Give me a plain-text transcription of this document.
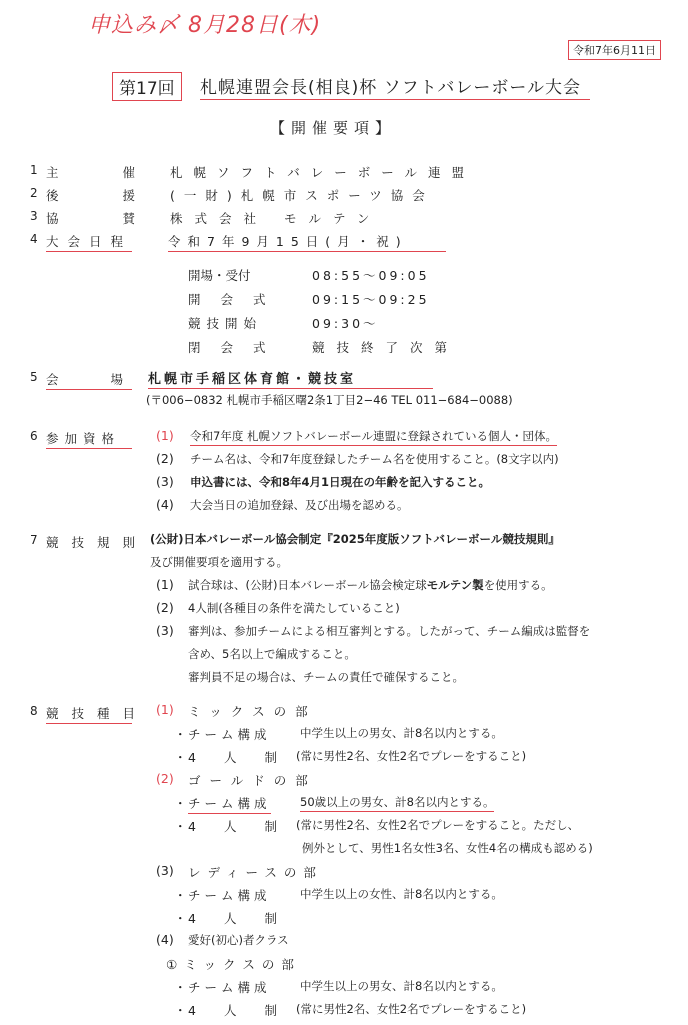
申込み〆 8月28日(木)
令和7年6月11日
第17回	札幌連盟会長(相良)杯 ソフトバレーボール大会
【開催要項】
1 主催
札幌ソフトバレーボール連盟
2 後援
(一財)札幌市スポーツ協会
3 協賛
株式会社 モルテン
4 大会日程	令和7年9月15日(月・祝)
開場・受付	08:55〜09:05
開会式 09:15〜09:25
競技開始	09:30〜
閉会式 競技終了次第
5 会場
札幌市手稲区体育館・競技室
(〒006−0832 札幌市手稲区曙2条1丁目2−46 TEL 011−684−0088)
6 参加資格	(1) 令和7年度 札幌ソフトバレーボール連盟に登録されている個人・団体。
(2) チーム名は、令和7年度登録したチーム名を使用すること。(8文字以内)
(3) 申込書には、令和8年4月1日現在の年齢を記入すること。
(4) 大会当日の追加登録、及び出場を認める。
7 競技規則 (公財)日本バレーボール協会制定『2025年度版ソフトバレーボール競技規則』
及び開催要項を適用する。
(1) 試合球は、(公財)日本バレーボール協会検定球モルテン製を使用する。
(2) 4人制(各種目の条件を満たしていること)
(3) 審判は、参加チームによる相互審判とする。したがって、チーム編成は監督を
含め、5名以上で編成すること。
審判員不足の場合は、チームの責任で確保すること。
8 競技種目 (1) ミックスの部
・ チーム構成	中学生以上の男女、計8名以内とする。
・ 4人制
(常に男性2名、女性2名でプレーをすること)
(2) ゴールドの部
・ チーム構成	50歳以上の男女、計8名以内とする。
・ 4人制
(常に男性2名、女性2名でプレーをすること。ただし、
例外として、男性1名女性3名、女性4名の構成も認める)
(3) レディースの部
・ チーム構成	中学生以上の女性、計8名以内とする。
・ 4人制
(4) 愛好(初心)者クラス
①ミックスの部
・ チーム構成	中学生以上の男女、計8名以内とする。
・ 4人制
(常に男性2名、女性2名でプレーをすること)
